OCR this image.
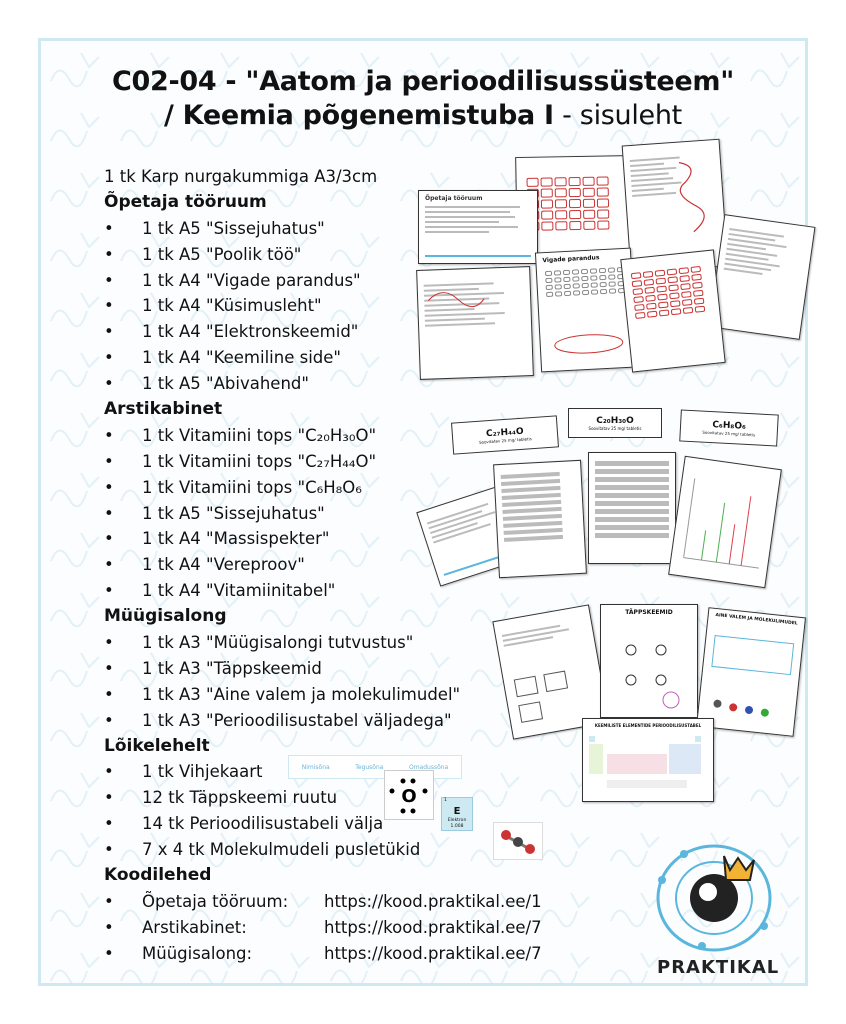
C02-04 - "Aatom ja perioodilisussüsteem"
/ Keemia põgenemistuba I - sisuleht
1 tk Karp nurgakummiga A3/3cm
Õpetaja tööruum
• 1 tk A5 "Sissejuhatus"
• 1 tk A5 "Poolik töö"
• 1 tk A4 "Vigade parandus"
• 1 tk A4 "Küsimusleht"
• 1 tk A4 "Elektronskeemid"
• 1 tk A4 "Keemiline side"
• 1 tk A5 "Abivahend"
Arstikabinet
• 1 tk Vitamiini tops "C₂₀H₃₀O"
• 1 tk Vitamiini tops "C₂₇H₄₄O"
• 1 tk Vitamiini tops "C₆H₈O₆
• 1 tk A5 "Sissejuhatus"
• 1 tk A4 "Massispekter"
• 1 tk A4 "Vereproov"
• 1 tk A4 "Vitamiinitabel"
Müügisalong
• 1 tk A3 "Müügisalongi tutvustus"
• 1 tk A3 "Täppskeemid
• 1 tk A3 "Aine valem ja molekulimudel"
• 1 tk A3 "Perioodilisustabel väljadega"
Lõikelehelt
• 1 tk Vihjekaart
• 12 tk Täppskeemi ruutu
• 14 tk Perioodilisustabeli välja
• 7 x 4 tk Molekulmudeli pusletükid
Koodilehed
• Õpetaja tööruum: https://kood.praktikal.ee/1
• Arstikabinet:	https://kood.praktikal.ee/7
• Müügisalong:	https://kood.praktikal.ee/7
Õpetaja tööruum
Vigade parandus
C₂₇H₄₄O
Soovitatav 25 mg/ tabletis
C₂₀H₃₀O
Soovitatav 25 mg/ tabletis	C₆H₈O₆
Soovitatav 25 mg/ tabletis
TÄPPSKEEMID
AINE VALEM JA MOLEKULIMUDEL
KEEMILISTE ELEMENTIDE PERIOODILISUSTABEL
Nimisõna	Tegusõna	Omadussõna
O	1
E
Elektron
1.008
PRAKTIKAL
